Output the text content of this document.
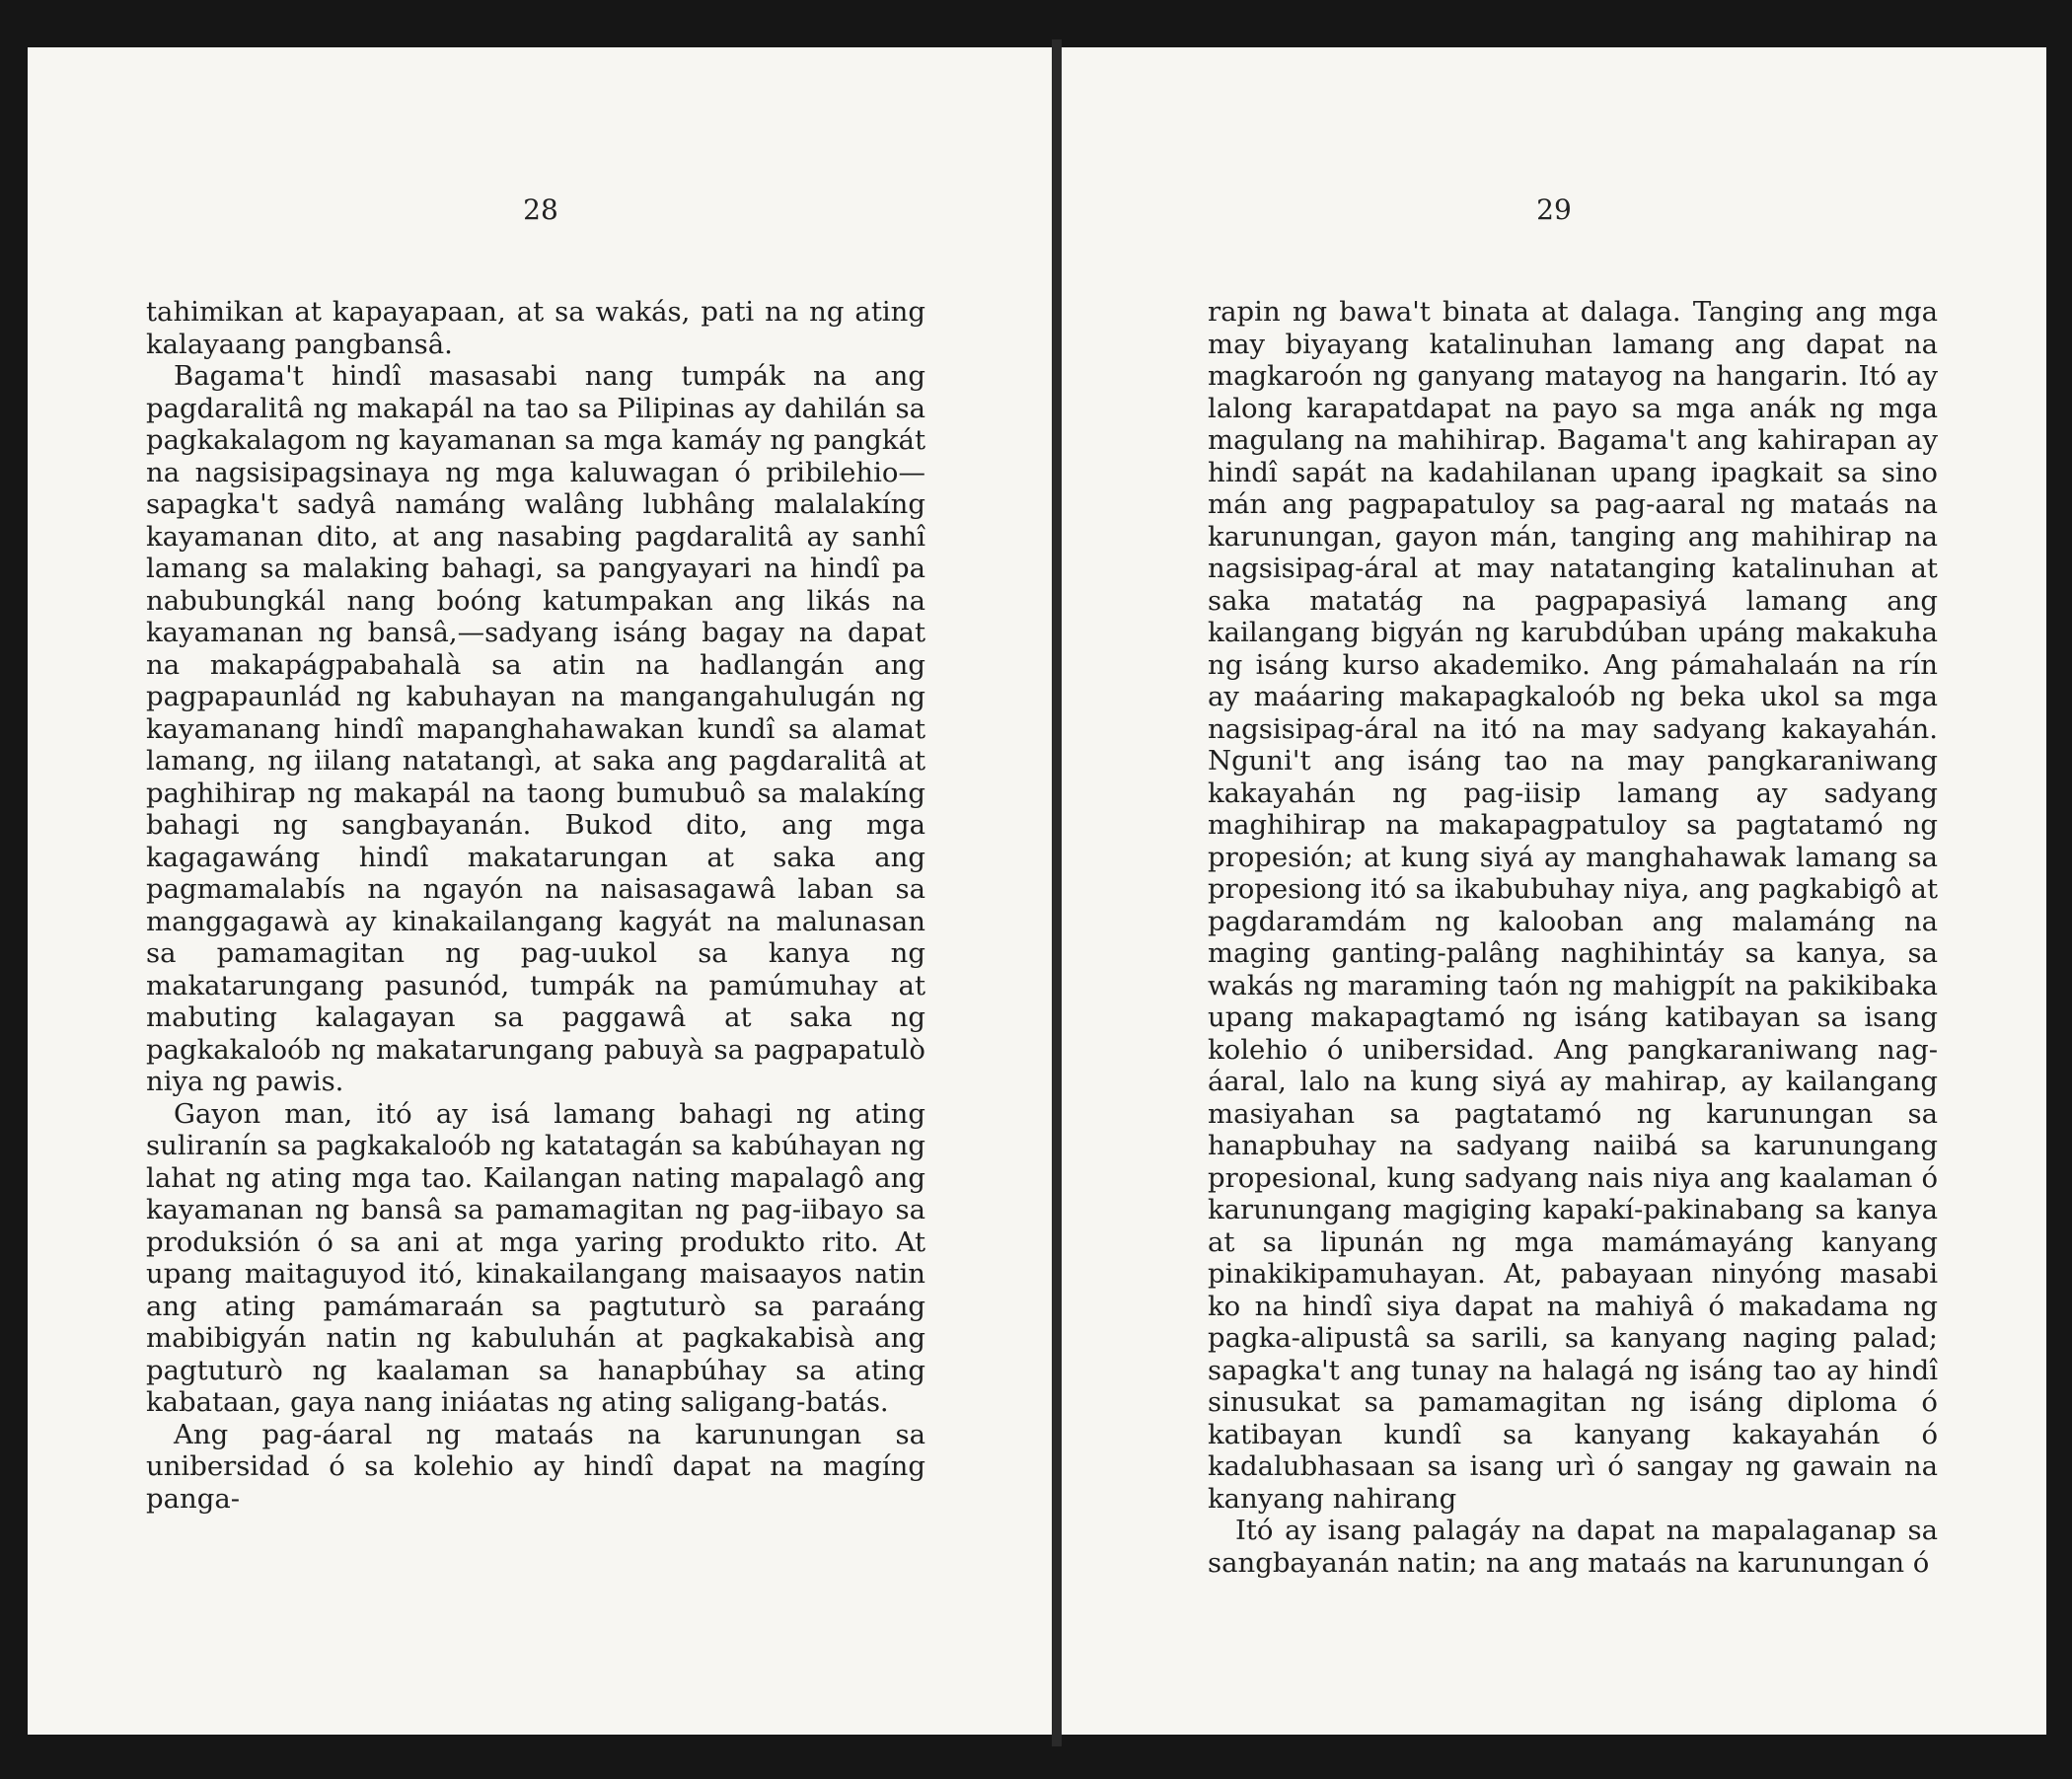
28

tahimikan at kapayapaan, at sa wakás, pati na ng ating kalayaang pangbansâ.

Bagama't hindî masasabi nang tumpák na ang pagdaralitâ ng makapál na tao sa Pilipinas ay dahilán sa pagkakalagom ng kayamanan sa mga kamáy ng pangkát na nagsisipagsinaya ng mga kaluwagan ó pribilehio—sapagka't sadyâ namáng walâng lubhâng malalakíng kayamanan dito, at ang nasabing pagdaralitâ ay sanhî lamang sa malaking bahagi, sa pangyayari na hindî pa nabubungkál nang boóng katumpakan ang likás na kayamanan ng bansâ,—sadyang isáng bagay na dapat na makapágpabahalà sa atin na hadlangán ang pagpapaunlád ng kabuhayan na mangangahulugán ng kayamanang hindî mapanghahawakan kundî sa alamat lamang, ng iilang natatangì, at saka ang pagdaralitâ at paghihirap ng makapál na taong bumubuô sa malakíng bahagi ng sangbayanán. Bukod dito, ang mga kagagawáng hindî makatarungan at saka ang pagmamalabís na ngayón na naisasagawâ laban sa manggagawà ay kinakailangang kagyát na malunasan sa pamamagitan ng pag-uukol sa kanya ng makatarungang pasunód, tumpák na pamúmuhay at mabuting kalagayan sa paggawâ at saka ng pagkakaloób ng makatarungang pabuyà sa pagpapatulò niya ng pawis.

Gayon man, itó ay isá lamang bahagi ng ating suliranín sa pagkakaloób ng katatagán sa kabúhayan ng lahat ng ating mga tao. Kailangan nating mapalagô ang kayamanan ng bansâ sa pamamagitan ng pag-iibayo sa produksión ó sa ani at mga yaring produkto rito. At upang maitaguyod itó, kinakailangang maisaayos natin ang ating pamámaraán sa pagtuturò sa paraáng mabibigyán natin ng kabuluhán at pagkakabisà ang pagtuturò ng kaalaman sa hanapbúhay sa ating kabataan, gaya nang iniáatas ng ating saligang-batás.

Ang pag-áaral ng mataás na karunungan sa unibersidad ó sa kolehio ay hindî dapat na magíng panga-

29

rapin ng bawa't binata at dalaga. Tanging ang mga may biyayang katalinuhan lamang ang dapat na magkaroón ng ganyang matayog na hangarin. Itó ay lalong karapatdapat na payo sa mga anák ng mga magulang na mahihirap. Bagama't ang kahirapan ay hindî sapát na kadahilanan upang ipagkait sa sino mán ang pagpapatuloy sa pag-aaral ng mataás na karunungan, gayon mán, tanging ang mahihirap na nagsisipag-áral at may natatanging katalinuhan at saka matatág na pagpapasiyá lamang ang kailangang bigyán ng karubdúban upáng makakuha ng isáng kurso akademiko. Ang pámahalaán na rín ay maáaring makapagkaloób ng beka ukol sa mga nagsisipag-áral na itó na may sadyang kakayahán. Nguni't ang isáng tao na may pangkaraniwang kakayahán ng pag-iisip lamang ay sadyang maghihirap na makapagpatuloy sa pagtatamó ng propesión; at kung siyá ay manghahawak lamang sa propesiong itó sa ikabubuhay niya, ang pagkabigô at pagdaramdám ng kalooban ang malamáng na maging ganting-palâng naghihintáy sa kanya, sa wakás ng maraming taón ng mahigpít na pakikibaka upang makapagtamó ng isáng katibayan sa isang kolehio ó unibersidad. Ang pangkaraniwang nag-áaral, lalo na kung siyá ay mahirap, ay kailangang masiyahan sa pagtatamó ng karunungan sa hanapbuhay na sadyang naiibá sa karunungang propesional, kung sadyang nais niya ang kaalaman ó karunungang magiging kapakí-pakinabang sa kanya at sa lipunán ng mga mamámayáng kanyang pinakikipamuhayan. At, pabayaan ninyóng masabi ko na hindî siya dapat na mahiyâ ó makadama ng pagka-alipustâ sa sarili, sa kanyang naging palad; sapagka't ang tunay na halagá ng isáng tao ay hindî sinusukat sa pamamagitan ng isáng diploma ó katibayan kundî sa kanyang kakayahán ó kadalubhasaan sa isang urì ó sangay ng gawain na kanyang nahirang

Itó ay isang palagáy na dapat na mapalaganap sa sangbayanán natin; na ang mataás na karunungan ó
